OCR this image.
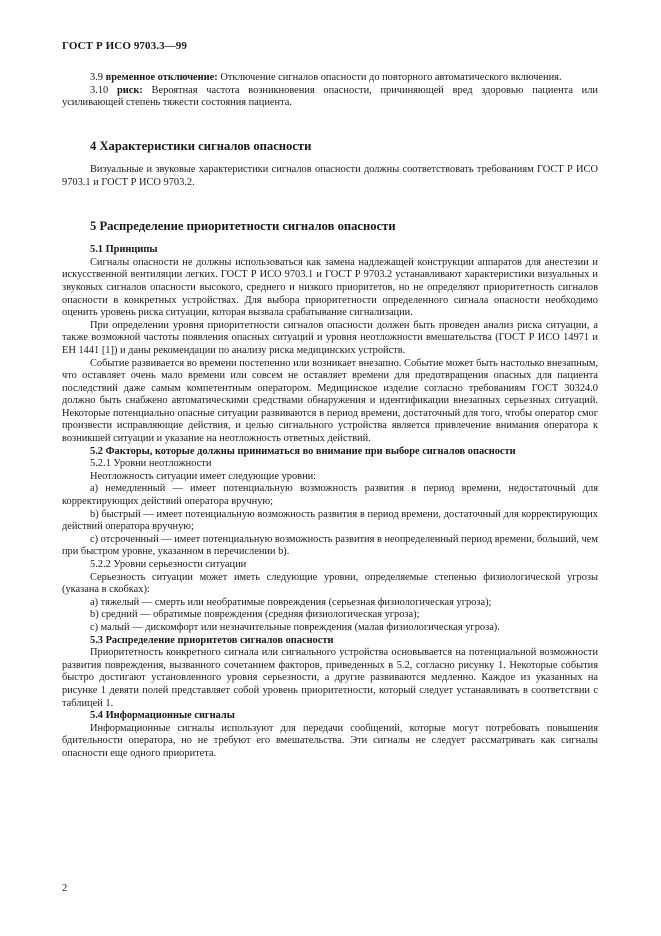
ГОСТ Р ИСО 9703.3—99

3.9 временное отключение: Отключение сигналов опасности до повторного автоматического включения.

3.10 риск: Вероятная частота возникновения опасности, причиняющей вред здоровью пациента или усиливающей степень тяжести состояния пациента.

4 Характеристики сигналов опасности

Визуальные и звуковые характеристики сигналов опасности должны соответствовать требованиям ГОСТ Р ИСО 9703.1 и ГОСТ Р ИСО 9703.2.

5 Распределение приоритетности сигналов опасности

5.1 Принципы

Сигналы опасности не должны использоваться как замена надлежащей конструкции аппаратов для анестезии и искусственной вентиляции легких. ГОСТ Р ИСО 9703.1 и ГОСТ Р 9703.2 устанавливают характеристики визуальных и звуковых сигналов опасности высокого, среднего и низкого приоритетов, но не определяют приоритетность сигналов опасности в конкретных устройствах. Для выбора приоритетности определенного сигнала опасности необходимо оценить уровень риска ситуации, которая вызвала срабатывание сигнализации.

При определении уровня приоритетности сигналов опасности должен быть проведен анализ риска ситуации, а также возможной частоты появления опасных ситуаций и уровня неотложности вмешательства (ГОСТ Р ИСО 14971 и ЕН 1441 [1]) и даны рекомендации по анализу риска медицинских устройств.

Событие развивается во времени постепенно или возникает внезапно. Событие может быть настолько внезапным, что оставляет очень мало времени или совсем не оставляет времени для предотвращения опасных для пациента последствий даже самым компетентным оператором. Медицинское изделие согласно требованиям ГОСТ 30324.0 должно быть снабжено автоматическими средствами обнаружения и идентификации внезапных серьезных ситуаций. Некоторые потенциально опасные ситуации развиваются в период времени, достаточный для того, чтобы оператор смог произвести исправляющие действия, и целью сигнального устройства является привлечение внимания оператора к возникшей ситуации и указание на неотложность ответных действий.

5.2 Факторы, которые должны приниматься во внимание при выборе сигналов опасности

5.2.1 Уровни неотложности

Неотложность ситуации имеет следующие уровни:

а) немедленный — имеет потенциальную возможность развития в период времени, недостаточный для корректирующих действий оператора вручную;

b) быстрый — имеет потенциальную возможность развития в период времени, достаточный для корректирующих действий оператора вручную;

с) отсроченный — имеет потенциальную возможность развития в неопределенный период времени, больший, чем при быстром уровне, указанном в перечислении b).

5.2.2 Уровни серьезности ситуации

Серьезность ситуации может иметь следующие уровни, определяемые степенью физиологической угрозы (указана в скобках):

а) тяжелый — смерть или необратимые повреждения (серьезная физиологическая угроза);

b) средний — обратимые повреждения (средняя физиологическая угроза);

с) малый — дискомфорт или незначительные повреждения (малая физиологическая угроза).

5.3 Распределение приоритетов сигналов опасности

Приоритетность конкретного сигнала или сигнального устройства основывается на потенциальной возможности развития повреждения, вызванного сочетанием факторов, приведенных в 5.2, согласно рисунку 1. Некоторые события быстро достигают установленного уровня серьезности, а другие развиваются медленно. Каждое из указанных на рисунке 1 девяти полей представляет собой уровень приоритетности, который следует устанавливать в соответствии с таблицей 1.

5.4 Информационные сигналы

Информационные сигналы используют для передачи сообщений, которые могут потребовать повышения бдительности оператора, но не требуют его вмешательства. Эти сигналы не следует рассматривать как сигналы опасности еще одного приоритета.

2
